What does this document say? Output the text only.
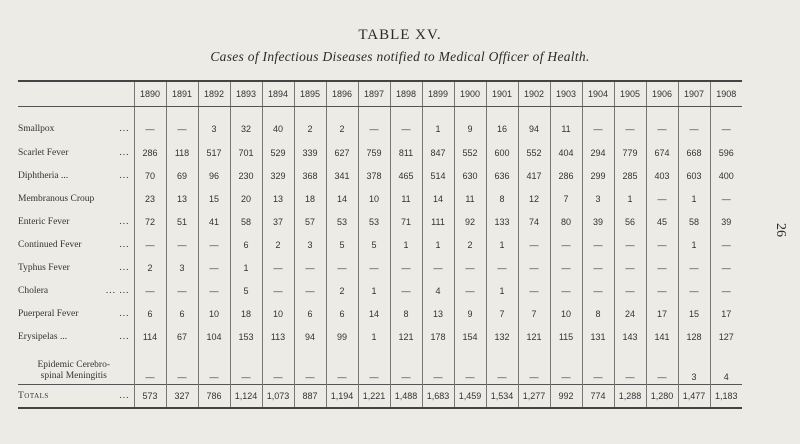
TABLE XV.
Cases of Infectious Diseases notified to Medical Officer of Health.
26
	1890	1891	1892	1893	1894	1895	1896	1897	1898	1899	1900	1901	1902	1903	1904	1905	1906	1907	1908

Smallpox ...	—	—	3	32	40	2	2	—	—	1	9	16	94	11	—	—	—	—	—

Scarlet Fever ...	286	118	517	701	529	339	627	759	811	847	552	600	552	404	294	779	674	668	596

Diphtheria ... ...	70	69	96	230	329	368	341	378	465	514	630	636	417	286	299	285	403	603	400

Membranous Croup	23	13	15	20	13	18	14	10	11	14	11	8	12	7	3	1	—	1	—

Enteric Fever ...	72	51	41	58	37	57	53	53	71	111	92	133	74	80	39	56	45	58	39

Continued Fever ...	—	—	—	6	2	3	5	5	1	1	2	1	—	—	—	—	—	1	—

Typhus Fever ...	2	3	—	1	—	—	—	—	—	—	—	—	—	—	—	—	—	—	—

Cholera ... ...	—	—	—	5	—	—	2	1	—	4	—	1	—	—	—	—	—	—	—

Puerperal Fever ...	6	6	10	18	10	6	6	14	8	13	9	7	7	10	8	24	17	15	17

Erysipelas ... ...	114	67	104	153	113	94	99	1	121	178	154	132	121	115	131	143	141	128	127

Epidemic Cerebro-
spinal Meningitis	—	—	—	—	—	—	—	—	—	—	—	—	—	—	—	—	—	3	4

Totals ...	573	327	786	1,124	1,073	887	1,194	1,221	1,488	1,683	1,459	1,534	1,277	992	774	1,288	1,280	1,477	1,183
